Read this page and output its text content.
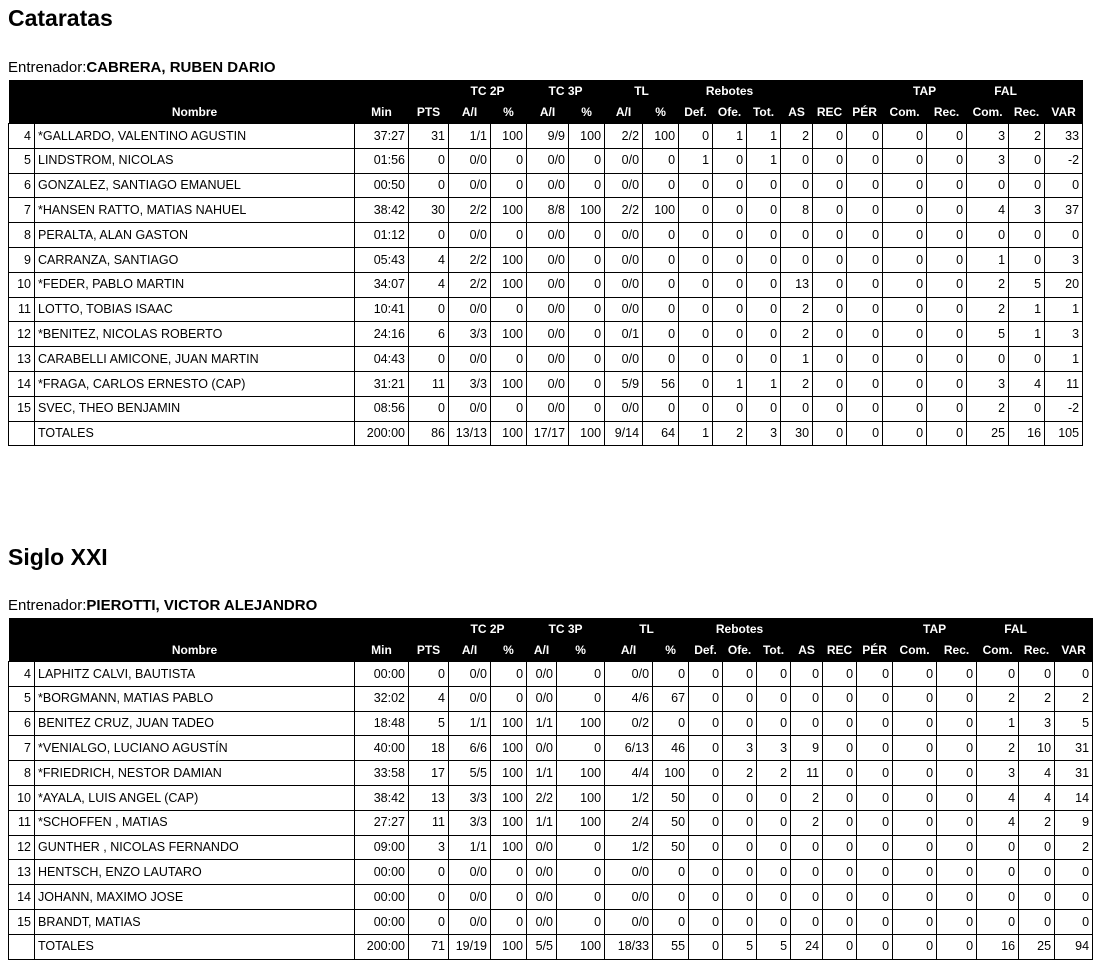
Cataratas
Entrenador:CABRERA, RUBEN DARIO
				TC 2P		TC 3P		TL		Rebotes						TAP		FAL		
	Nombre	Min	PTS	A/I	%	A/I	%	A/I	%	Def.	Ofe.	Tot.	AS	REC	PÉR	Com.	Rec.	Com.	Rec.	VAR
4	*GALLARDO, VALENTINO AGUSTIN	37:27	31	1/1	100	9/9	100	2/2	100	0	1	1	2	0	0	0	0	3	2	33
5	LINDSTROM, NICOLAS	01:56	0	0/0	0	0/0	0	0/0	0	1	0	1	0	0	0	0	0	3	0	-2
6	GONZALEZ, SANTIAGO EMANUEL	00:50	0	0/0	0	0/0	0	0/0	0	0	0	0	0	0	0	0	0	0	0	0
7	*HANSEN RATTO, MATIAS NAHUEL	38:42	30	2/2	100	8/8	100	2/2	100	0	0	0	8	0	0	0	0	4	3	37
8	PERALTA, ALAN GASTON	01:12	0	0/0	0	0/0	0	0/0	0	0	0	0	0	0	0	0	0	0	0	0
9	CARRANZA, SANTIAGO	05:43	4	2/2	100	0/0	0	0/0	0	0	0	0	0	0	0	0	0	1	0	3
10	*FEDER, PABLO MARTIN	34:07	4	2/2	100	0/0	0	0/0	0	0	0	0	13	0	0	0	0	2	5	20
11	LOTTO, TOBIAS ISAAC	10:41	0	0/0	0	0/0	0	0/0	0	0	0	0	2	0	0	0	0	2	1	1
12	*BENITEZ, NICOLAS ROBERTO	24:16	6	3/3	100	0/0	0	0/1	0	0	0	0	2	0	0	0	0	5	1	3
13	CARABELLI AMICONE, JUAN MARTIN	04:43	0	0/0	0	0/0	0	0/0	0	0	0	0	1	0	0	0	0	0	0	1
14	*FRAGA, CARLOS ERNESTO (CAP)	31:21	11	3/3	100	0/0	0	5/9	56	0	1	1	2	0	0	0	0	3	4	11
15	SVEC, THEO BENJAMIN	08:56	0	0/0	0	0/0	0	0/0	0	0	0	0	0	0	0	0	0	2	0	-2
	TOTALES	200:00	86	13/13	100	17/17	100	9/14	64	1	2	3	30	0	0	0	0	25	16	105
Siglo XXI
Entrenador:PIEROTTI, VICTOR ALEJANDRO
				TC 2P		TC 3P		TL		Rebotes						TAP		FAL		
	Nombre	Min	PTS	A/I	%	A/I	%	A/I	%	Def.	Ofe.	Tot.	AS	REC	PÉR	Com.	Rec.	Com.	Rec.	VAR
4	LAPHITZ CALVI, BAUTISTA	00:00	0	0/0	0	0/0	0	0/0	0	0	0	0	0	0	0	0	0	0	0	0
5	*BORGMANN, MATIAS PABLO	32:02	4	0/0	0	0/0	0	4/6	67	0	0	0	0	0	0	0	0	2	2	2
6	BENITEZ CRUZ, JUAN TADEO	18:48	5	1/1	100	1/1	100	0/2	0	0	0	0	0	0	0	0	0	1	3	5
7	*VENIALGO, LUCIANO AGUSTÍN	40:00	18	6/6	100	0/0	0	6/13	46	0	3	3	9	0	0	0	0	2	10	31
8	*FRIEDRICH, NESTOR DAMIAN	33:58	17	5/5	100	1/1	100	4/4	100	0	2	2	11	0	0	0	0	3	4	31
10	*AYALA, LUIS ANGEL (CAP)	38:42	13	3/3	100	2/2	100	1/2	50	0	0	0	2	0	0	0	0	4	4	14
11	*SCHOFFEN , MATIAS	27:27	11	3/3	100	1/1	100	2/4	50	0	0	0	2	0	0	0	0	4	2	9
12	GUNTHER , NICOLAS FERNANDO	09:00	3	1/1	100	0/0	0	1/2	50	0	0	0	0	0	0	0	0	0	0	2
13	HENTSCH, ENZO LAUTARO	00:00	0	0/0	0	0/0	0	0/0	0	0	0	0	0	0	0	0	0	0	0	0
14	JOHANN, MAXIMO JOSE	00:00	0	0/0	0	0/0	0	0/0	0	0	0	0	0	0	0	0	0	0	0	0
15	BRANDT, MATIAS	00:00	0	0/0	0	0/0	0	0/0	0	0	0	0	0	0	0	0	0	0	0	0
	TOTALES	200:00	71	19/19	100	5/5	100	18/33	55	0	5	5	24	0	0	0	0	16	25	94
